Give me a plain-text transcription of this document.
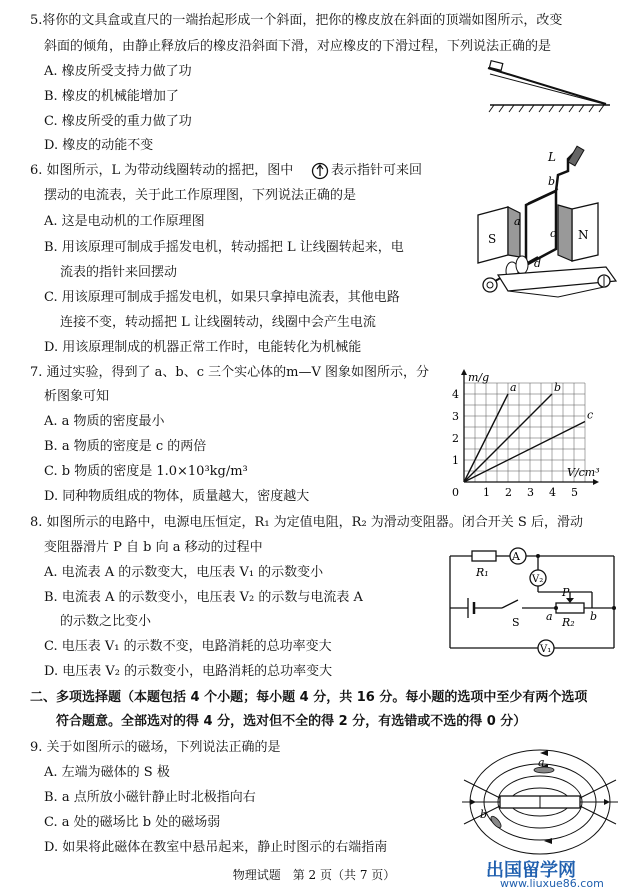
5.将你的文具盒或直尺的一端抬起形成一个斜面，把你的橡皮放在斜面的顶端如图所示，改变
斜面的倾角，由静止释放后的橡皮沿斜面下滑，对应橡皮的下滑过程，下列说法正确的是
A. 橡皮所受支持力做了功
B. 橡皮的机械能增加了
C. 橡皮所受的重力做了功
D. 橡皮的动能不变
6. 如图所示，L 为带动线圈转动的摇把，图中	表示指针可来回
摆动的电流表，关于此工作原理图，下列说法正确的是
A. 这是电动机的工作原理图
B. 用该原理可制成手摇发电机，转动摇把 L 让线圈转起来，电
流表的指针来回摆动
C. 用该原理可制成手摇发电机，如果只拿掉电流表，其他电路
连接不变，转动摇把 L 让线圈转动，线圈中会产生电流
D. 用该原理制成的机器正常工作时，电能转化为机械能
S	N
L
b
a
c
d
7. 通过实验，得到了 a、b、c 三个实心体的m—V 图象如图所示，分
析图象可知
A. a 物质的密度最小
B. a 物质的密度是 c 的两倍
C. b 物质的密度是 1.0×10³kg/m³
D. 同种物质组成的物体，质量越大，密度越大	0 1 2 3 4 5
1
2
3
4
m/g
V/cm³
a	b
c
8. 如图所示的电路中，电源电压恒定，R₁ 为定值电阻，R₂ 为滑动变阻器。闭合开关 S 后，滑动
变阻器滑片 P 自 b 向 a 移动的过程中
A. 电流表 A 的示数变大，电压表 V₁ 的示数变小
B. 电流表 A 的示数变小，电压表 V₂ 的示数与电流表 A
的示数之比变小
C. 电压表 V₁ 的示数不变，电路消耗的总功率变大
D. 电压表 V₂ 的示数变小，电路消耗的总功率变大
A
V₂
V₁
R₁
R₂
S
P
a	b
二、多项选择题（本题包括 4 个小题；每小题 4 分，共 16 分。每小题的选项中至少有两个选项
符合题意。全部选对的得 4 分，选对但不全的得 2 分，有选错或不选的得 0 分）
9. 关于如图所示的磁场，下列说法正确的是
A. 左端为磁体的 S 极
B. a 点所放小磁针静止时北极指向右
C. a 处的磁场比 b 处的磁场弱
D. 如果将此磁体在教室中悬吊起来，静止时图示的右端指南
a
b
物理试题　第 2 页（共 7 页）	出国留学网
www.liuxue86.com
